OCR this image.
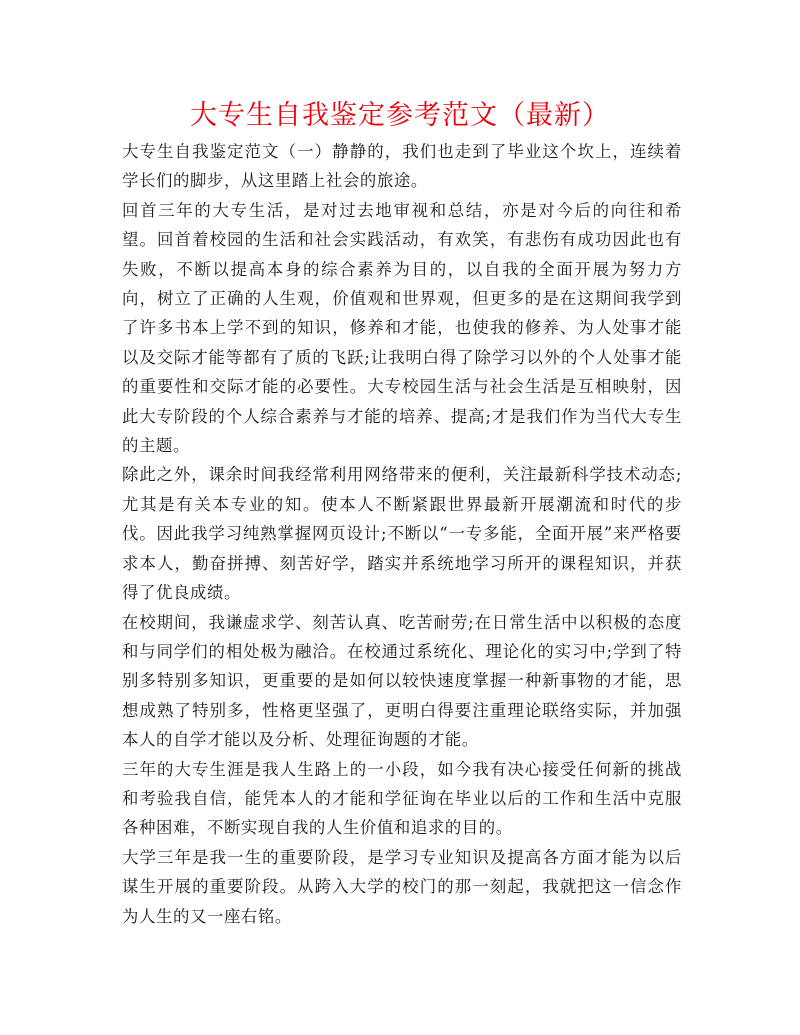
大专生自我鉴定参考范文（最新）

大专生自我鉴定范文（一）静静的，我们也走到了毕业这个坎上，连续着学长们的脚步，从这里踏上社会的旅途。

回首三年的大专生活，是对过去地审视和总结，亦是对今后的向往和希望。回首着校园的生活和社会实践活动，有欢笑，有悲伤有成功因此也有失败，不断以提高本身的综合素养为目的，以自我的全面开展为努力方向，树立了正确的人生观，价值观和世界观，但更多的是在这期间我学到了许多书本上学不到的知识，修养和才能，也使我的修养、为人处事才能以及交际才能等都有了质的飞跃;让我明白得了除学习以外的个人处事才能的重要性和交际才能的必要性。大专校园生活与社会生活是互相映射，因此大专阶段的个人综合素养与才能的培养、提高;才是我们作为当代大专生的主题。

除此之外，课余时间我经常利用网络带来的便利，关注最新科学技术动态;尤其是有关本专业的知。使本人不断紧跟世界最新开展潮流和时代的步伐。因此我学习纯熟掌握网页设计;不断以“一专多能，全面开展”来严格要求本人，勤奋拼搏、刻苦好学，踏实并系统地学习所开的课程知识，并获得了优良成绩。

在校期间，我谦虚求学、刻苦认真、吃苦耐劳;在日常生活中以积极的态度和与同学们的相处极为融洽。在校通过系统化、理论化的实习中;学到了特别多特别多知识，更重要的是如何以较快速度掌握一种新事物的才能，思想成熟了特别多，性格更坚强了，更明白得要注重理论联络实际，并加强本人的自学才能以及分析、处理征询题的才能。

三年的大专生涯是我人生路上的一小段，如今我有决心接受任何新的挑战和考验我自信，能凭本人的才能和学征询在毕业以后的工作和生活中克服各种困难，不断实现自我的人生价值和追求的目的。

大学三年是我一生的重要阶段，是学习专业知识及提高各方面才能为以后谋生开展的重要阶段。从跨入大学的校门的那一刻起，我就把这一信念作为人生的又一座右铭。
